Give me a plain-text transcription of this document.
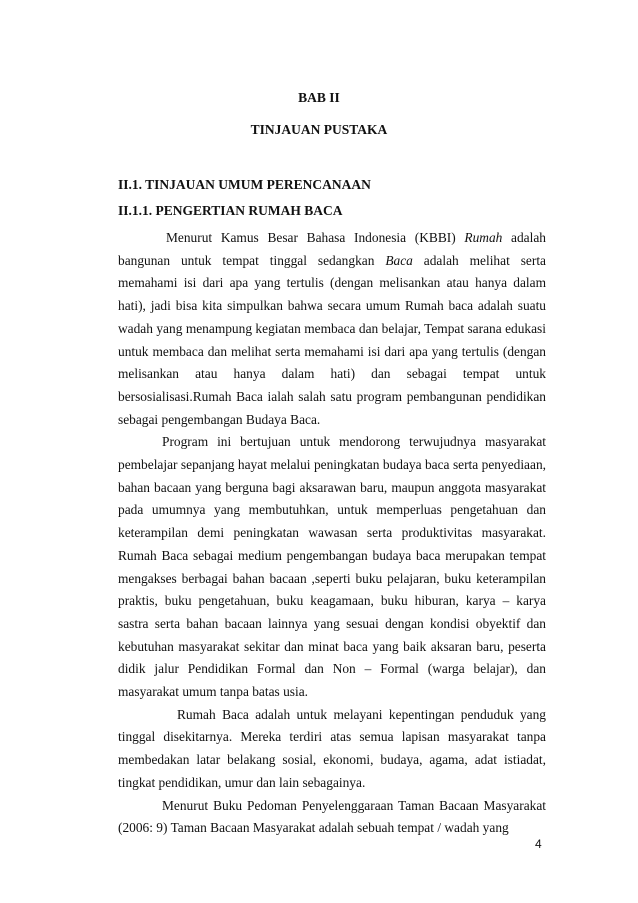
BAB II
TINJAUAN PUSTAKA
II.1. TINJAUAN UMUM PERENCANAAN
II.1.1. PENGERTIAN RUMAH BACA

Menurut Kamus Besar Bahasa Indonesia (KBBI) Rumah adalah bangunan untuk tempat tinggal sedangkan Baca adalah melihat serta memahami isi dari apa yang tertulis (dengan melisankan atau hanya dalam hati), jadi bisa kita simpulkan bahwa secara umum Rumah baca adalah suatu wadah yang menampung kegiatan membaca dan belajar, Tempat sarana edukasi untuk membaca dan melihat serta memahami isi dari apa yang tertulis (dengan melisankan atau hanya dalam hati) dan sebagai tempat untuk bersosialisasi.Rumah Baca ialah salah satu program pembangunan pendidikan sebagai pengembangan Budaya Baca.

Program ini bertujuan untuk mendorong terwujudnya masyarakat pembelajar sepanjang hayat melalui peningkatan budaya baca serta penyediaan, bahan bacaan yang berguna bagi aksarawan baru, maupun anggota masyarakat pada umumnya yang membutuhkan, untuk memperluas pengetahuan dan keterampilan demi peningkatan wawasan serta produktivitas masyarakat. Rumah Baca sebagai medium pengembangan budaya baca merupakan tempat mengakses berbagai bahan bacaan ,seperti buku pelajaran, buku keterampilan praktis, buku pengetahuan, buku keagamaan, buku hiburan, karya – karya sastra serta bahan bacaan lainnya yang sesuai dengan kondisi obyektif dan kebutuhan masyarakat sekitar dan minat baca yang baik aksaran baru, peserta didik jalur Pendidikan Formal dan Non – Formal (warga belajar), dan masyarakat umum tanpa batas usia.

Rumah Baca adalah untuk melayani kepentingan penduduk yang tinggal disekitarnya. Mereka terdiri atas semua lapisan masyarakat tanpa membedakan latar belakang sosial, ekonomi, budaya, agama, adat istiadat, tingkat pendidikan, umur dan lain sebagainya.

Menurut Buku Pedoman Penyelenggaraan Taman Bacaan Masyarakat (2006: 9) Taman Bacaan Masyarakat adalah sebuah tempat / wadah yang

4
